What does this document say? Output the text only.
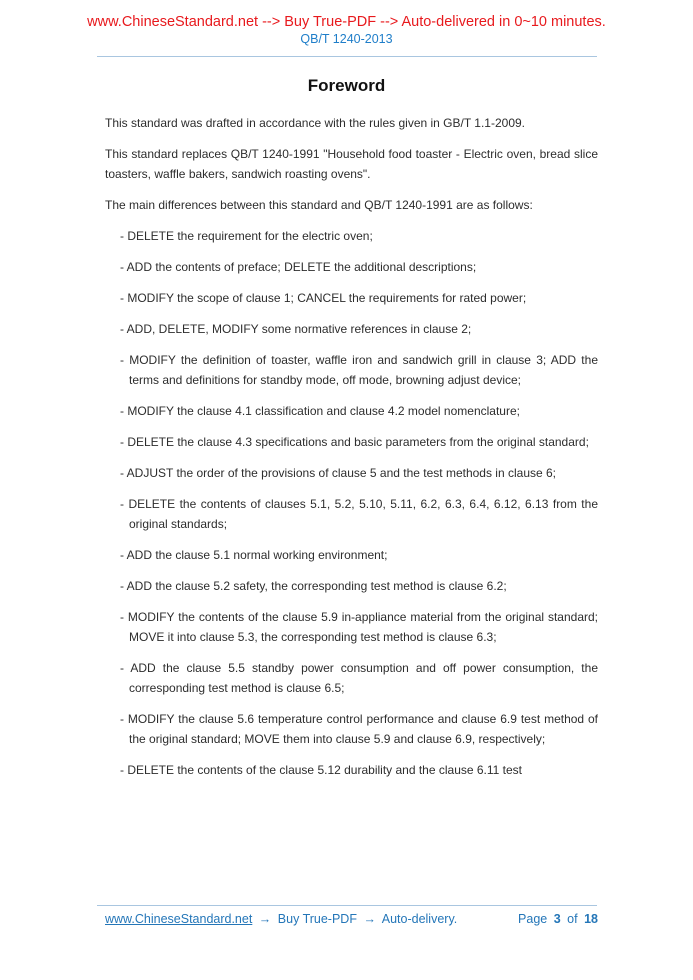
www.ChineseStandard.net --> Buy True-PDF --> Auto-delivered in 0~10 minutes.
QB/T 1240-2013
Foreword

This standard was drafted in accordance with the rules given in GB/T 1.1-2009.

This standard replaces QB/T 1240-1991 "Household food toaster - Electric oven, bread slice toasters, waffle bakers, sandwich roasting ovens".

The main differences between this standard and QB/T 1240-1991 are as follows:

- DELETE the requirement for the electric oven;
- ADD the contents of preface; DELETE the additional descriptions;
- MODIFY the scope of clause 1; CANCEL the requirements for rated power;
- ADD, DELETE, MODIFY some normative references in clause 2;
- MODIFY the definition of toaster, waffle iron and sandwich grill in clause 3; ADD the terms and definitions for standby mode, off mode, browning adjust device;
- MODIFY the clause 4.1 classification and clause 4.2 model nomenclature;
- DELETE the clause 4.3 specifications and basic parameters from the original standard;
- ADJUST the order of the provisions of clause 5 and the test methods in clause 6;
- DELETE the contents of clauses 5.1, 5.2, 5.10, 5.11, 6.2, 6.3, 6.4, 6.12, 6.13 from the original standards;
- ADD the clause 5.1 normal working environment;
- ADD the clause 5.2 safety, the corresponding test method is clause 6.2;
- MODIFY the contents of the clause 5.9 in-appliance material from the original standard; MOVE it into clause 5.3, the corresponding test method is clause 6.3;
- ADD the clause 5.5 standby power consumption and off power consumption, the corresponding test method is clause 6.5;
- MODIFY the clause 5.6 temperature control performance and clause 6.9 test method of the original standard; MOVE them into clause 5.9 and clause 6.9, respectively;
- DELETE the contents of the clause 5.12 durability and the clause 6.11 test
www.ChineseStandard.net → Buy True-PDF → Auto-delivery.	Page 3 of 18
